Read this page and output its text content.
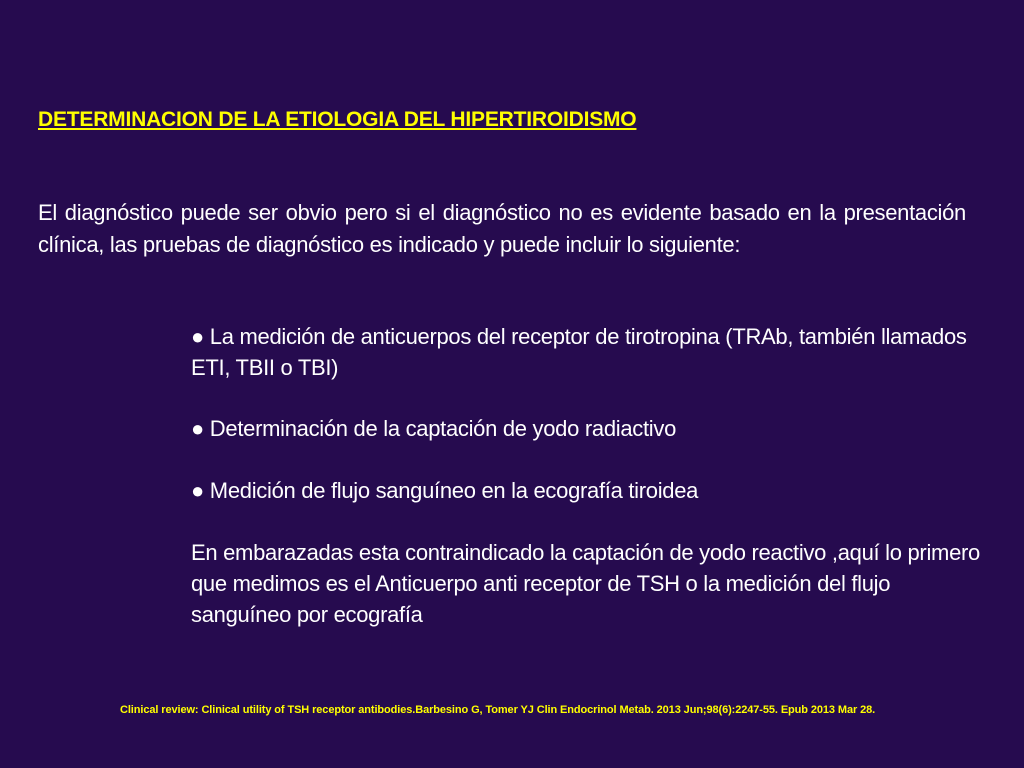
DETERMINACION DE LA ETIOLOGIA DEL HIPERTIROIDISMO
El diagnóstico puede ser obvio pero si el diagnóstico no es evidente basado en la presentación clínica, las pruebas de diagnóstico es indicado y puede incluir lo siguiente:

● La medición de anticuerpos del receptor de tirotropina (TRAb, también llamados ETI, TBII o TBI)

● Determinación de la captación de yodo radiactivo

● Medición de flujo sanguíneo en la ecografía tiroidea

En embarazadas esta contraindicado la captación de yodo reactivo ,aquí lo primero que medimos es el Anticuerpo anti receptor de TSH o la medición del flujo sanguíneo por ecografía

Clinical review: Clinical utility of TSH receptor antibodies.Barbesino G, Tomer YJ Clin Endocrinol Metab. 2013 Jun;98(6):2247-55. Epub 2013 Mar 28.
